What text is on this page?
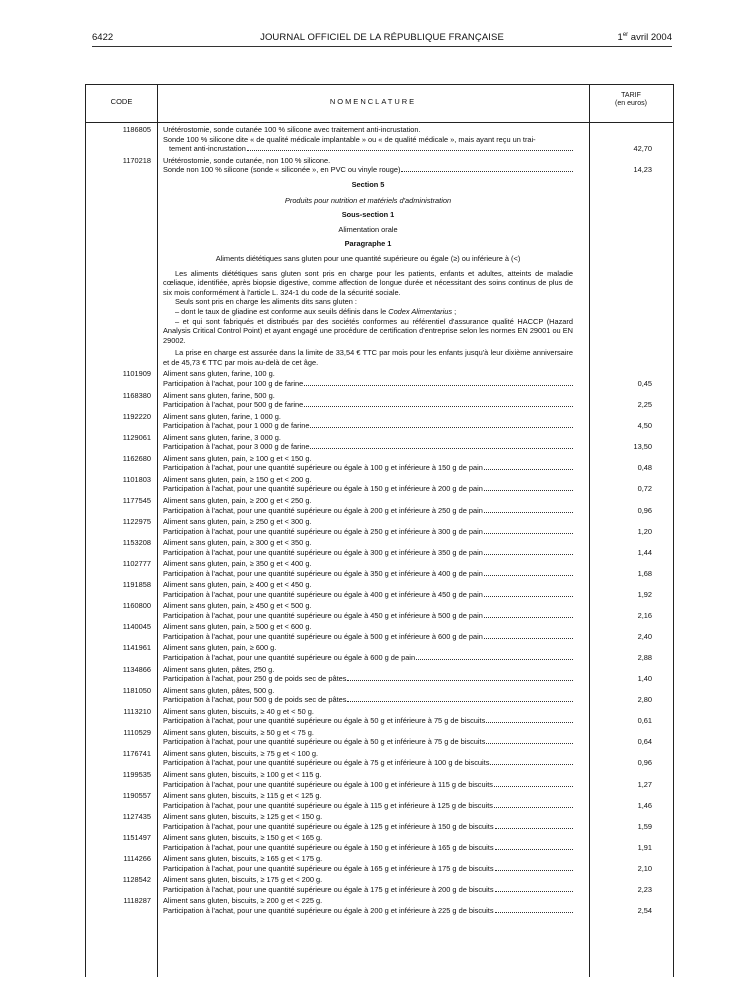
6422	JOURNAL OFFICIEL DE LA RÉPUBLIQUE FRANÇAISE	1er avril 2004
CODE	NOMENCLATURE
TARIF
(en euros)
1186805 Urétérostomie, sonde cutanée 100 % silicone avec traitement anti-incrustation.
Sonde 100 % silicone dite « de qualité médicale implantable » ou « de qualité médicale », mais ayant reçu un trai-
tement anti-incrustation	42,70
1170218 Urétérostomie, sonde cutanée, non 100 % silicone.
Sonde non 100 % silicone (sonde « siliconée », en PVC ou vinyle rouge)	14,23
Section 5
Produits pour nutrition et matériels d'administration
Sous-section 1
Alimentation orale
Paragraphe 1
Aliments diététiques sans gluten pour une quantité supérieure ou égale (≥) ou inférieure à (<)
Les aliments diététiques sans gluten sont pris en charge pour les patients, enfants et adultes, atteints de maladie cœliaque, identifiée, après biopsie digestive, comme affection de longue durée et nécessitant des soins continus de plus de six mois conformément à l'article L. 324-1 du code de la sécurité sociale.
Seuls sont pris en charge les aliments dits sans gluten :
– dont le taux de gliadine est conforme aux seuils définis dans le Codex Alimentarius ;
– et qui sont fabriqués et distribués par des sociétés conformes au référentiel d'assurance qualité HACCP (Hazard Analysis Critical Control Point) et ayant engagé une procédure de certification d'entreprise selon les normes EN 29001 ou EN 29002.
La prise en charge est assurée dans la limite de 33,54 € TTC par mois pour les enfants jusqu'à leur dixième anniversaire et de 45,73 € TTC par mois au-delà de cet âge.
1101909 Aliment sans gluten, farine, 100 g.
Participation à l'achat, pour 100 g de farine	0,45
1168380 Aliment sans gluten, farine, 500 g.
Participation à l'achat, pour 500 g de farine	2,25
1192220 Aliment sans gluten, farine, 1 000 g.
Participation à l'achat, pour 1 000 g de farine	4,50
1129061 Aliment sans gluten, farine, 3 000 g.
Participation à l'achat, pour 3 000 g de farine	13,50
1162680 Aliment sans gluten, pain, ≥ 100 g et < 150 g.
Participation à l'achat, pour une quantité supérieure ou égale à 100 g et inférieure à 150 g de pain	0,48
1101803 Aliment sans gluten, pain, ≥ 150 g et < 200 g.
Participation à l'achat, pour une quantité supérieure ou égale à 150 g et inférieure à 200 g de pain	0,72
1177545 Aliment sans gluten, pain, ≥ 200 g et < 250 g.
Participation à l'achat, pour une quantité supérieure ou égale à 200 g et inférieure à 250 g de pain	0,96
1122975 Aliment sans gluten, pain, ≥ 250 g et < 300 g.
Participation à l'achat, pour une quantité supérieure ou égale à 250 g et inférieure à 300 g de pain	1,20
1153208 Aliment sans gluten, pain, ≥ 300 g et < 350 g.
Participation à l'achat, pour une quantité supérieure ou égale à 300 g et inférieure à 350 g de pain	1,44
1102777 Aliment sans gluten, pain, ≥ 350 g et < 400 g.
Participation à l'achat, pour une quantité supérieure ou égale à 350 g et inférieure à 400 g de pain	1,68
1191858 Aliment sans gluten, pain, ≥ 400 g et < 450 g.
Participation à l'achat, pour une quantité supérieure ou égale à 400 g et inférieure à 450 g de pain	1,92
1160800 Aliment sans gluten, pain, ≥ 450 g et < 500 g.
Participation à l'achat, pour une quantité supérieure ou égale à 450 g et inférieure à 500 g de pain	2,16
1140045 Aliment sans gluten, pain, ≥ 500 g et < 600 g.
Participation à l'achat, pour une quantité supérieure ou égale à 500 g et inférieure à 600 g de pain	2,40
1141961 Aliment sans gluten, pain, ≥ 600 g.
Participation à l'achat, pour une quantité supérieure ou égale à 600 g de pain	2,88
1134866 Aliment sans gluten, pâtes, 250 g.
Participation à l'achat, pour 250 g de poids sec de pâtes	1,40
1181050 Aliment sans gluten, pâtes, 500 g.
Participation à l'achat, pour 500 g de poids sec de pâtes	2,80
1113210 Aliment sans gluten, biscuits, ≥ 40 g et < 50 g.
Participation à l'achat, pour une quantité supérieure ou égale à 50 g et inférieure à 75 g de biscuits	0,61
1110529 Aliment sans gluten, biscuits, ≥ 50 g et < 75 g.
Participation à l'achat, pour une quantité supérieure ou égale à 50 g et inférieure à 75 g de biscuits	0,64
1176741 Aliment sans gluten, biscuits, ≥ 75 g et < 100 g.
Participation à l'achat, pour une quantité supérieure ou égale à 75 g et inférieure à 100 g de biscuits	0,96
1199535 Aliment sans gluten, biscuits, ≥ 100 g et < 115 g.
Participation à l'achat, pour une quantité supérieure ou égale à 100 g et inférieure à 115 g de biscuits	1,27
1190557 Aliment sans gluten, biscuits, ≥ 115 g et < 125 g.
Participation à l'achat, pour une quantité supérieure ou égale à 115 g et inférieure à 125 g de biscuits	1,46
1127435 Aliment sans gluten, biscuits, ≥ 125 g et < 150 g.
Participation à l'achat, pour une quantité supérieure ou égale à 125 g et inférieure à 150 g de biscuits	1,59
1151497 Aliment sans gluten, biscuits, ≥ 150 g et < 165 g.
Participation à l'achat, pour une quantité supérieure ou égale à 150 g et inférieure à 165 g de biscuits	1,91
1114266 Aliment sans gluten, biscuits, ≥ 165 g et < 175 g.
Participation à l'achat, pour une quantité supérieure ou égale à 165 g et inférieure à 175 g de biscuits	2,10
1128542 Aliment sans gluten, biscuits, ≥ 175 g et < 200 g.
Participation à l'achat, pour une quantité supérieure ou égale à 175 g et inférieure à 200 g de biscuits	2,23
1118287 Aliment sans gluten, biscuits, ≥ 200 g et < 225 g.
Participation à l'achat, pour une quantité supérieure ou égale à 200 g et inférieure à 225 g de biscuits	2,54
